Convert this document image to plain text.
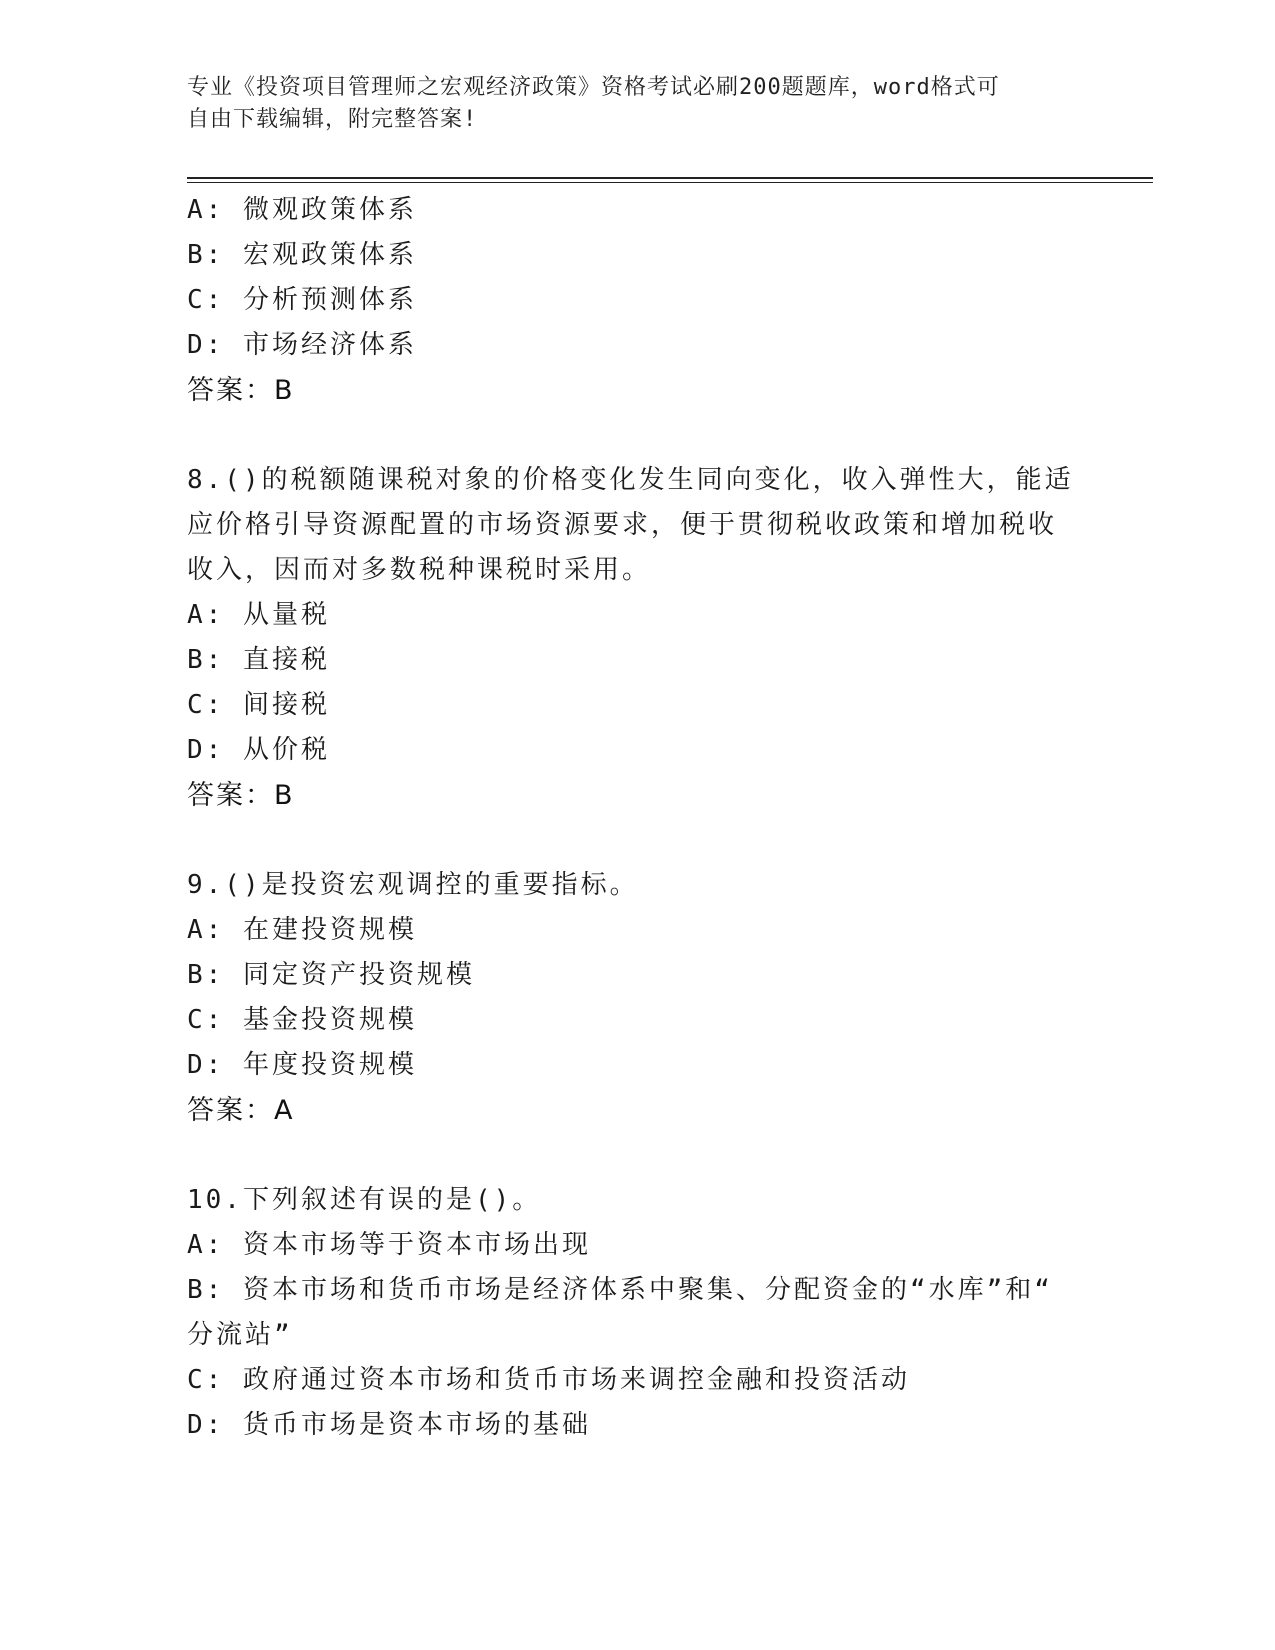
专业《投资项目管理师之宏观经济政策》资格考试必刷200题题库，word格式可
自由下载编辑，附完整答案!
A: 微观政策体系
B: 宏观政策体系
C: 分析预测体系
D: 市场经济体系
答案：B
8.()的税额随课税对象的价格变化发生同向变化，收入弹性大，能适
应价格引导资源配置的市场资源要求，便于贯彻税收政策和增加税收
收入，因而对多数税种课税时采用。
A: 从量税
B: 直接税
C: 间接税
D: 从价税
答案：B
9.()是投资宏观调控的重要指标。
A: 在建投资规模
B: 同定资产投资规模
C: 基金投资规模
D: 年度投资规模
答案：A
10.下列叙述有误的是()。
A: 资本市场等于资本市场出现
B: 资本市场和货币市场是经济体系中聚集、分配资金的“水库”和“
分流站”
C: 政府通过资本市场和货币市场来调控金融和投资活动
D: 货币市场是资本市场的基础
